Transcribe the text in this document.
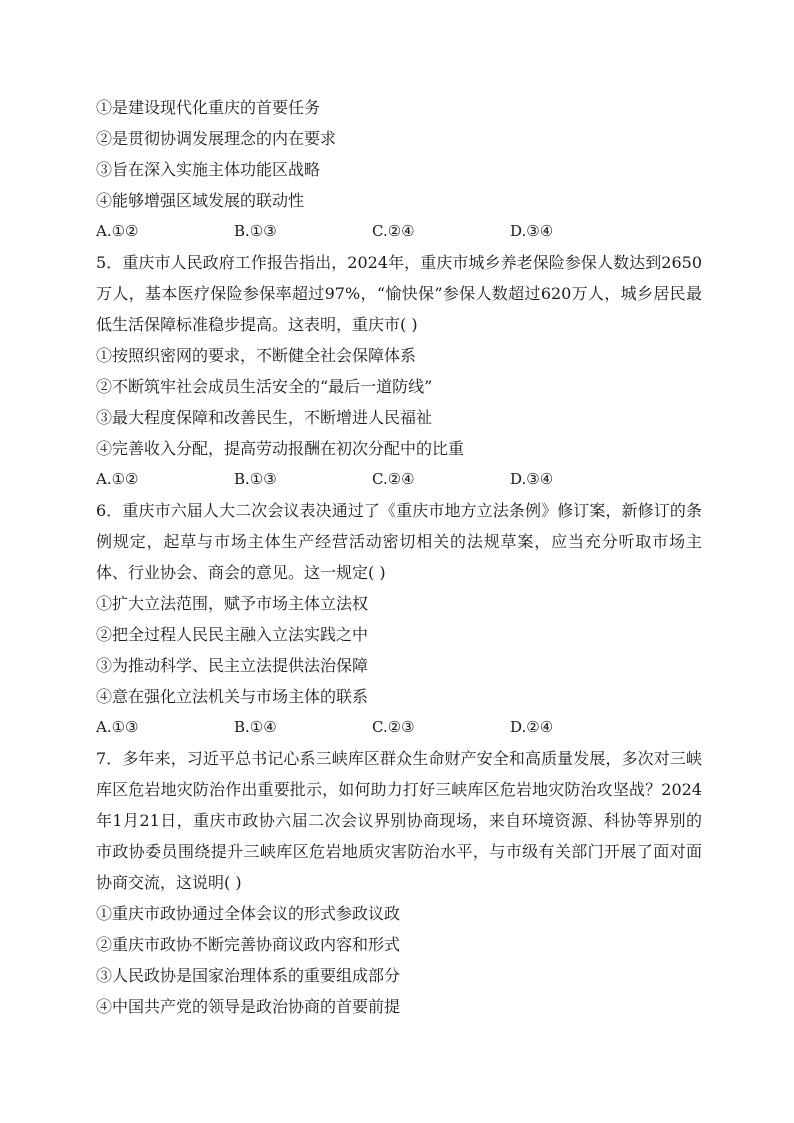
①是建设现代化重庆的首要任务
②是贯彻协调发展理念的内在要求
③旨在深入实施主体功能区战略
④能够增强区域发展的联动性
A.①②	B.①③	C.②④	D.③④
5．重庆市人民政府工作报告指出，2024年，重庆市城乡养老保险参保人数达到2650万人，基本医疗保险参保率超过97%，“愉快保”参保人数超过620万人，城乡居民最低生活保障标准稳步提高。这表明，重庆市( )
①按照织密网的要求，不断健全社会保障体系
②不断筑牢社会成员生活安全的“最后一道防线”
③最大程度保障和改善民生，不断增进人民福祉
④完善收入分配，提高劳动报酬在初次分配中的比重
A.①②	B.①③	C.②④	D.③④
6．重庆市六届人大二次会议表决通过了《重庆市地方立法条例》修订案，新修订的条例规定，起草与市场主体生产经营活动密切相关的法规草案，应当充分听取市场主体、行业协会、商会的意见。这一规定( )
①扩大立法范围，赋予市场主体立法权
②把全过程人民民主融入立法实践之中
③为推动科学、民主立法提供法治保障
④意在强化立法机关与市场主体的联系
A.①③	B.①④	C.②③	D.②④
7．多年来，习近平总书记心系三峡库区群众生命财产安全和高质量发展，多次对三峡库区危岩地灾防治作出重要批示，如何助力打好三峡库区危岩地灾防治攻坚战？2024年1月21日，重庆市政协六届二次会议界别协商现场，来自环境资源、科协等界别的市政协委员围绕提升三峡库区危岩地质灾害防治水平，与市级有关部门开展了面对面协商交流，这说明( )
①重庆市政协通过全体会议的形式参政议政
②重庆市政协不断完善协商议政内容和形式
③人民政协是国家治理体系的重要组成部分
④中国共产党的领导是政治协商的首要前提
